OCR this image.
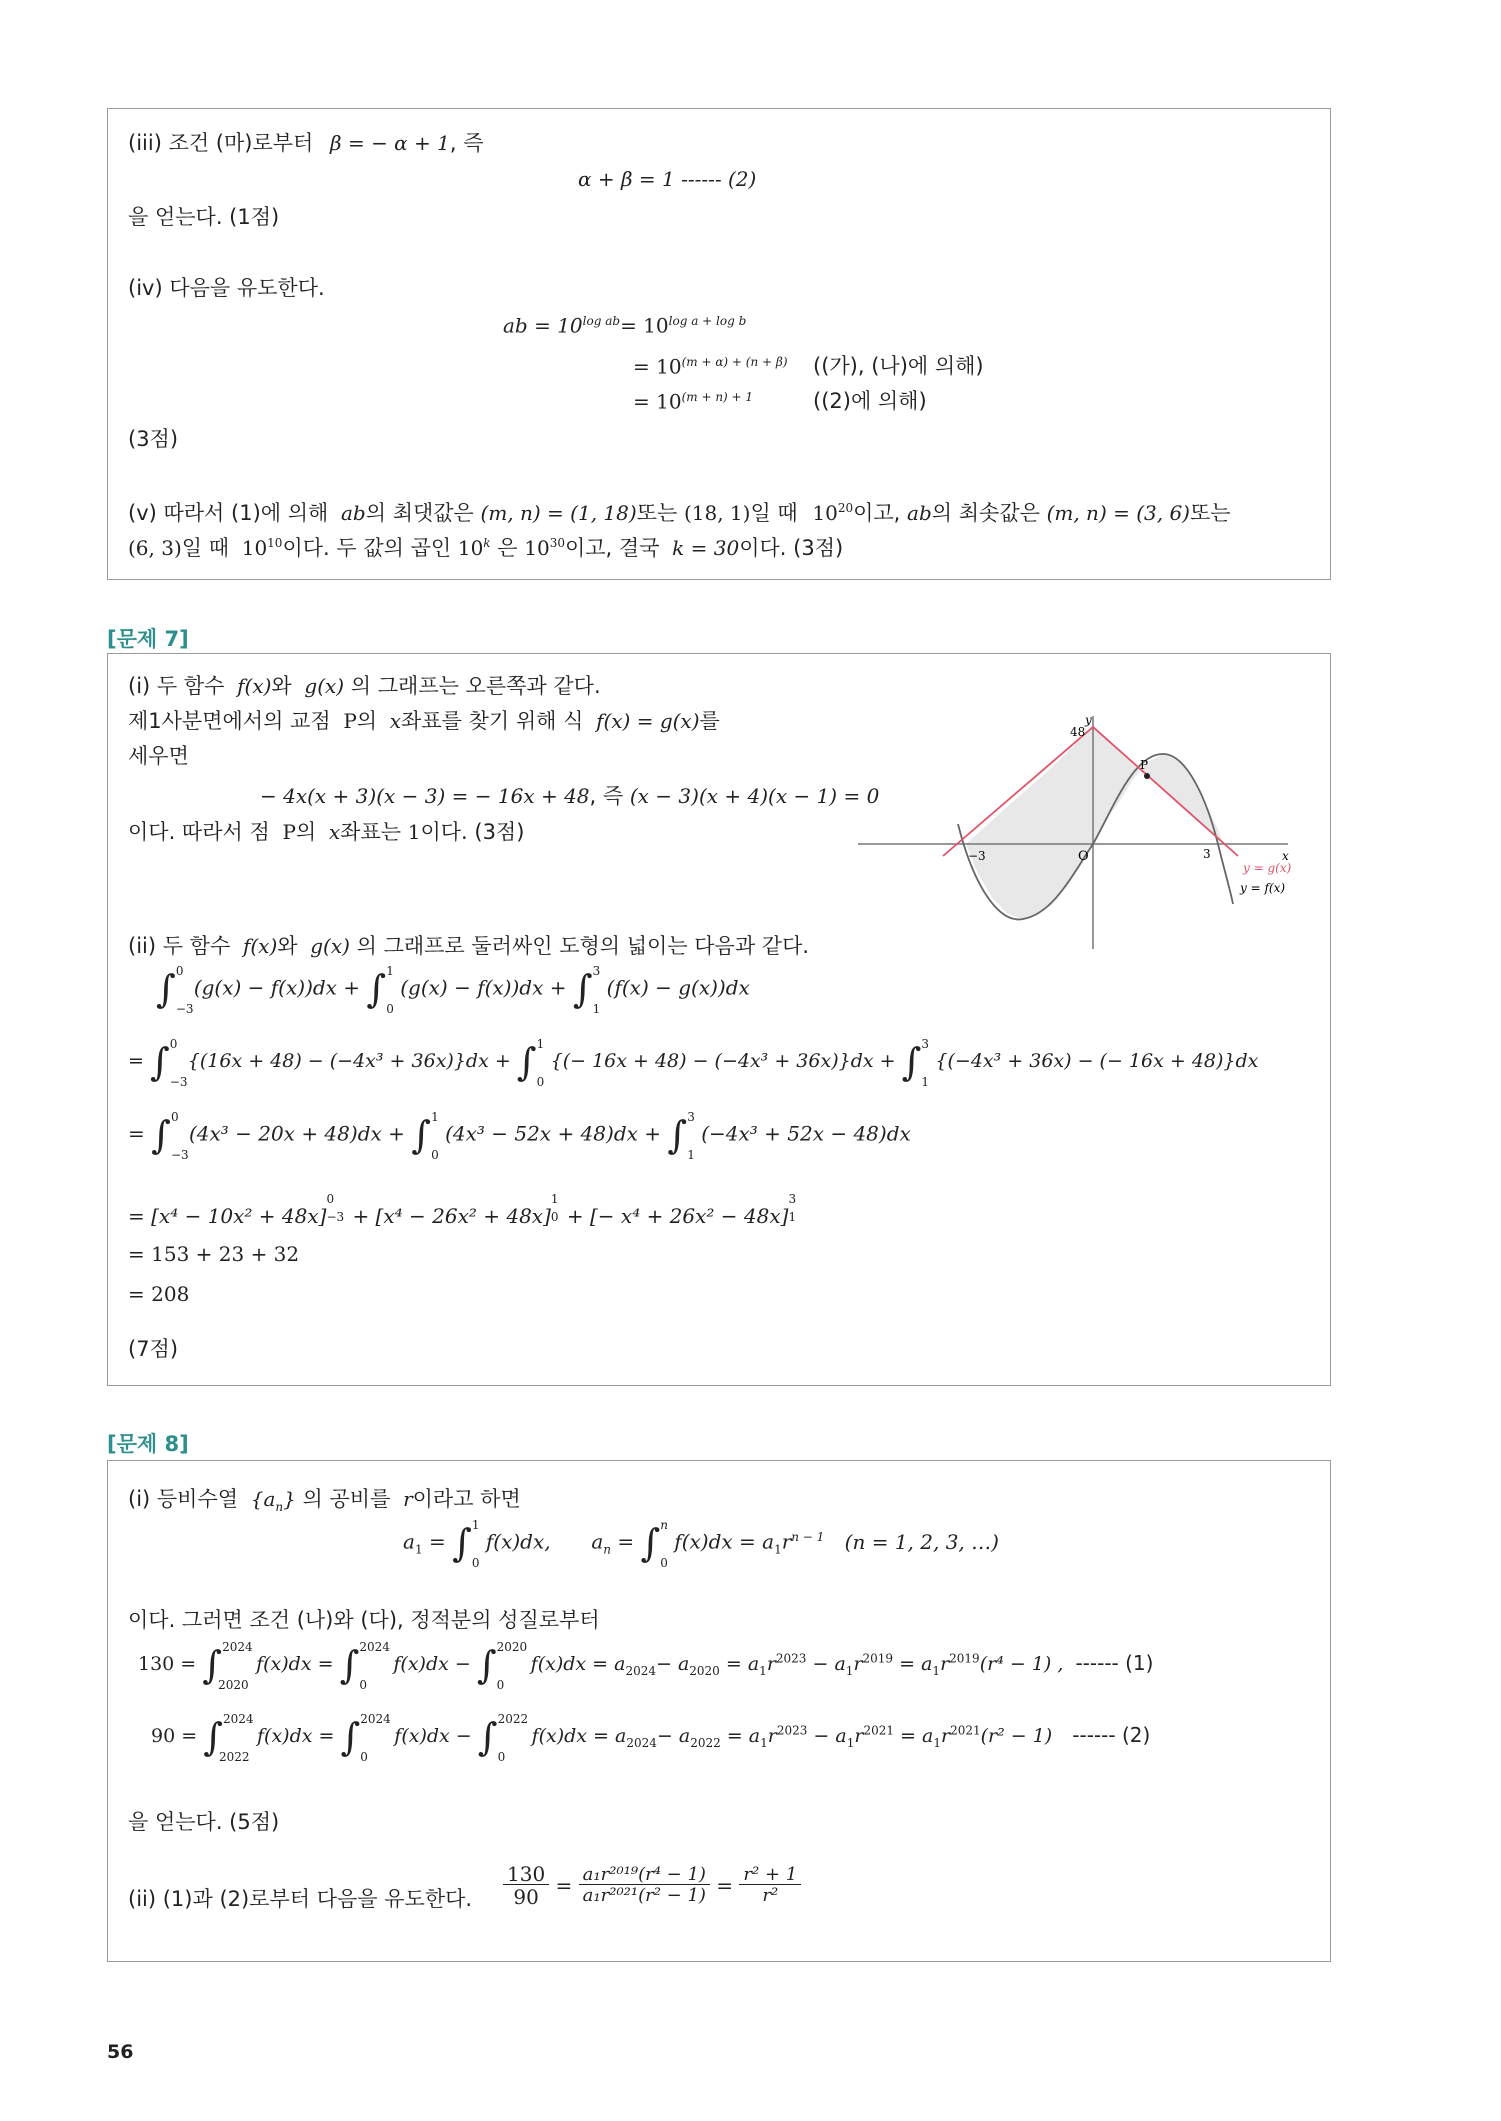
(iii) 조건 (마)로부터 β = − α + 1, 즉
α + β = 1 ------ (2)
을 얻는다. (1점)
(iv) 다음을 유도한다.
ab = $10^{log ab}= 10^{log a + log b}$
= $10^{(m + \alpha) + (n + \beta)}$ ((가), (나)에 의해)
= $10^{(m + n) + 1}$	((2)에 의해)
(3점)
(v) 따라서 (1)에 의해 ab의 최댓값은 (m, n) = (1, 18)또는 (18, 1)일 때 $10^{20}$이고, ab의 최솟값은 (m, n) = (3, 6)또는
(6, 3)일 때 $10^{10}$이다. 두 값의 곱인 10$^k$ 은 $10^{30}$이고, 결국 k = 30이다. (3점)
[문제 7]
(i) 두 함수 f(x)와 g(x) 의 그래프는 오른쪽과 같다.
제1사분면에서의 교점 P의 x좌표를 찾기 위해 식 f(x) = g(x)를
세우면
− 4x(x + 3)(x − 3) = − 16x + 48, 즉 (x − 3)(x + 4)(x − 1) = 0
이다. 따라서 점 P의 x좌표는 1이다. (3점)
y
48
x
−3	O	3
P
y = g(x)
y = f(x)
(ii) 두 함수 f(x)와 g(x) 의 그래프로 둘러싸인 도형의 넓이는 다음과 같다.
∫ 0
−3
(g(x) − f(x))dx + ∫ 1
0
(g(x) − f(x))dx + ∫ 3
1
(f(x) − g(x))dx
= ∫ 0
−3
{(16x + 48) − (−4x³ + 36x)}dx + ∫ 1
0
{(− 16x + 48) − (−4x³ + 36x)}dx + ∫ 3
1
{(−4x³ + 36x) − (− 16x + 48)}dx
= ∫ 0
−3
(4x³ − 20x + 48)dx + ∫ 1
0
(4x³ − 52x + 48)dx + ∫ 3
1
(−4x³ + 52x − 48)dx
= [x⁴ − 10x² + 48x]
0
−3 + [x⁴ − 26x² + 48x]
1
0 + [− x⁴ + 26x² − 48x]
3
1
= 153 + 23 + 32
= 208
(7점)
[문제 8]
(i) 등비수열 $\{a_n\}$ 의 공비를 r이라고 하면
$a_1$ = ∫ 1
0
f(x)dx, $a_n$ = ∫ n
0
$f(x)dx = a_1r^{n - 1}$ (n = 1, 2, 3, …)
이다. 그러면 조건 (나)와 (다), 정적분의 성질로부터
130 = ∫ 2024
2020
f(x)dx = ∫ 2024
0
f(x)dx − ∫ 2020
0
$f(x)dx = a_{2024}- a_{2020} = a_1r^{2023} - a_1r^{2019} = a_1r^{2019}(r^4 - 1)$ , ------ (1)
90 = ∫ 2024
2022
f(x)dx = ∫ 2024
0
f(x)dx − ∫ 2022
0
$f(x)dx = a_{2024}- a_{2022} = a_1r^{2023} - a_1r^{2021} = a_1r^{2021}(r^2 - 1)$ ------ (2)
을 얻는다. (5점)
(ii) (1)과 (2)로부터 다음을 유도한다. $\frac{130}{90} = \frac{\text{a₁r²⁰¹⁹(r⁴ − 1)}}{\text{a₁r²⁰²¹(r² − 1)}} = \frac{\text{r² + 1}}{\text{r²}}$
56
